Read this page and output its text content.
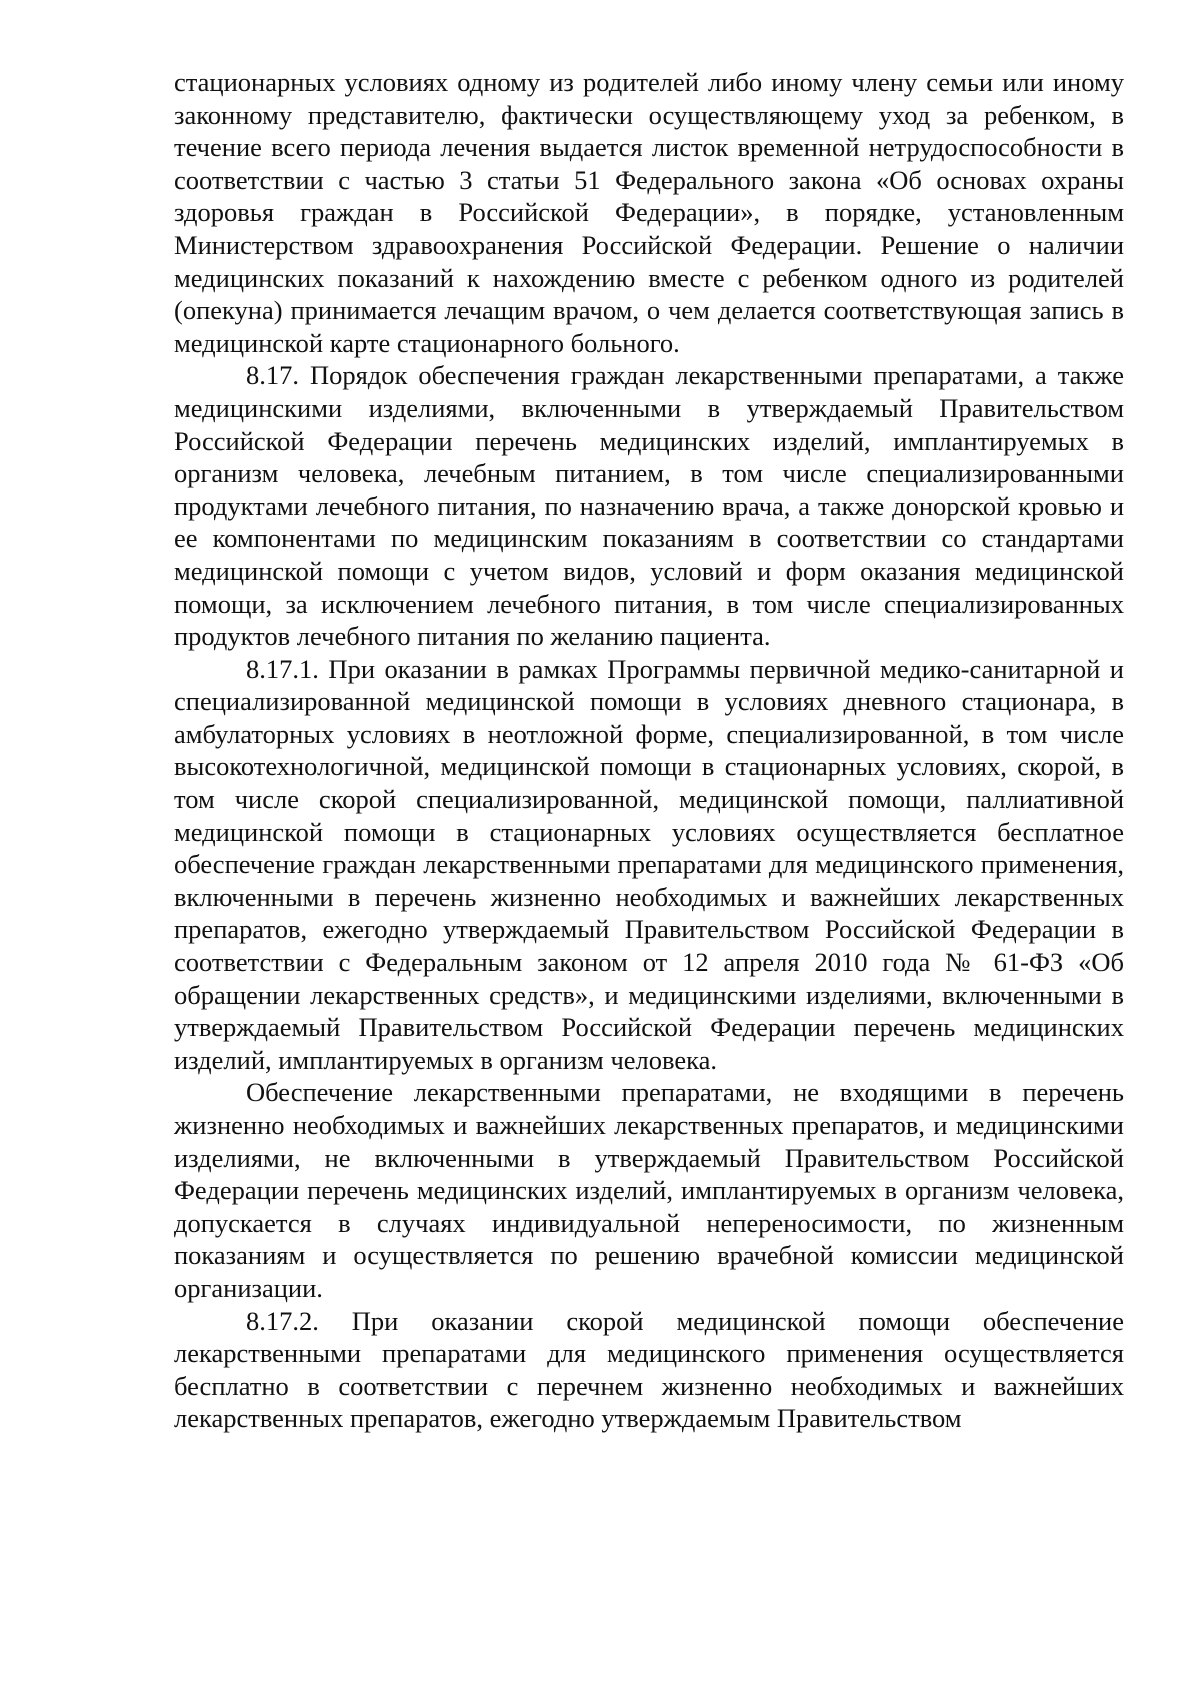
стационарных условиях одному из родителей либо иному члену семьи или иному законному представителю, фактически осуществляющему уход за ребенком, в течение всего периода лечения выдается листок временной нетрудоспособности в соответствии с частью 3 статьи 51 Федерального закона «Об основах охраны здоровья граждан в Российской Федерации», в порядке, установленным Министерством здравоохранения Российской Федерации. Решение о наличии медицинских показаний к нахождению вместе с ребенком одного из родителей (опекуна) принимается лечащим врачом, о чем делается соответствующая запись в медицинской карте стационарного больного.

8.17. Порядок обеспечения граждан лекарственными препаратами, а также медицинскими изделиями, включенными в утверждаемый Правительством Российской Федерации перечень медицинских изделий, имплантируемых в организм человека, лечебным питанием, в том числе специализированными продуктами лечебного питания, по назначению врача, а также донорской кровью и ее компонентами по медицинским показаниям в соответствии со стандартами медицинской помощи с учетом видов, условий и форм оказания медицинской помощи, за исключением лечебного питания, в том числе специализированных продуктов лечебного питания по желанию пациента.

8.17.1. При оказании в рамках Программы первичной медико-санитарной и специализированной медицинской помощи в условиях дневного стационара, в амбулаторных условиях в неотложной форме, специализированной, в том числе высокотехнологичной, медицинской помощи в стационарных условиях, скорой, в том числе скорой специализированной, медицинской помощи, паллиативной медицинской помощи в стационарных условиях осуществляется бесплатное обеспечение граждан лекарственными препаратами для медицинского применения, включенными в перечень жизненно необходимых и важнейших лекарственных препаратов, ежегодно утверждаемый Правительством Российской Федерации в соответствии с Федеральным законом от 12 апреля 2010 года № 61-ФЗ «Об обращении лекарственных средств», и медицинскими изделиями, включенными в утверждаемый Правительством Российской Федерации перечень медицинских изделий, имплантируемых в организм человека.

Обеспечение лекарственными препаратами, не входящими в перечень жизненно необходимых и важнейших лекарственных препаратов, и медицинскими изделиями, не включенными в утверждаемый Правительством Российской Федерации перечень медицинских изделий, имплантируемых в организм человека, допускается в случаях индивидуальной непереносимости, по жизненным показаниям и осуществляется по решению врачебной комиссии медицинской организации.

8.17.2. При оказании скорой медицинской помощи обеспечение лекарственными препаратами для медицинского применения осуществляется бесплатно в соответствии с перечнем жизненно необходимых и важнейших лекарственных препаратов, ежегодно утверждаемым Правительством
